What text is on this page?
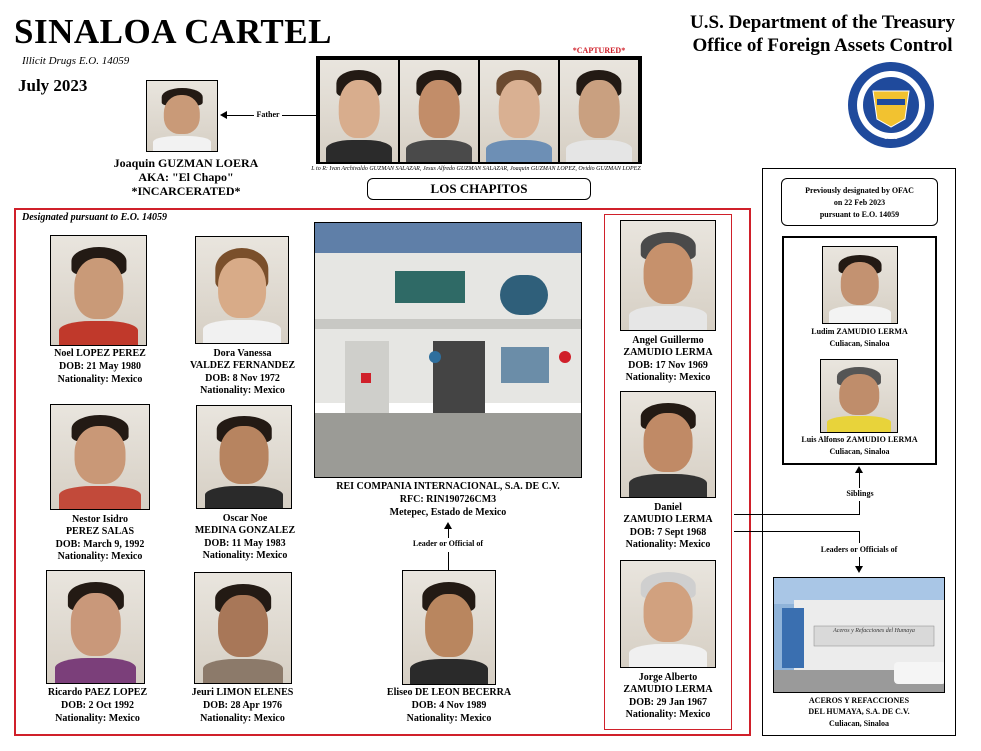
SINALOA CARTEL
Illicit Drugs E.O. 14059
July 2023
U.S. Department of the Treasury
Office of Foreign Assets Control
1789
HE DEPARTMENT OF THE TREASUR
Joaquin GUZMAN LOERA
AKA: "El Chapo"
*INCARCERATED*
Father
*CAPTURED*
L to R: Ivan Archivaldo GUZMAN SALAZAR, Jesus Alfredo GUZMAN SALAZAR, Joaquin GUZMAN LOPEZ, Ovidio GUZMAN LOPEZ
LOS CHAPITOS
Designated pursuant to E.O. 14059
Noel LOPEZ PEREZ
DOB: 21 May 1980
Nationality: Mexico
Dora Vanessa
VALDEZ FERNANDEZ
DOB: 8 Nov 1972
Nationality: Mexico
Nestor Isidro
PEREZ SALAS
DOB: March 9, 1992
Nationality: Mexico
Oscar Noe
MEDINA GONZALEZ
DOB: 11 May 1983
Nationality: Mexico
Ricardo PAEZ LOPEZ
DOB: 2 Oct 1992
Nationality: Mexico
Jeuri LIMON ELENES
DOB: 28 Apr 1976
Nationality: Mexico
REI COMPANIA INTERNACIONAL, S.A. DE C.V.
RFC: RIN190726CM3
Metepec, Estado de Mexico
Leader or Official of
Eliseo DE LEON BECERRA
DOB: 4 Nov 1989
Nationality: Mexico
Angel Guillermo
ZAMUDIO LERMA
DOB: 17 Nov 1969
Nationality: Mexico
Daniel
ZAMUDIO LERMA
DOB: 7 Sept 1968
Nationality: Mexico
Jorge Alberto
ZAMUDIO LERMA
DOB: 29 Jan 1967
Nationality: Mexico
Previously designated by OFAC
on 22 Feb 2023
pursuant to E.O. 14059
Ludim ZAMUDIO LERMA
Culiacan, Sinaloa
Luis Alfonso ZAMUDIO LERMA
Culiacan, Sinaloa
Siblings
Leaders or Officials of
Aceros y Refacciones del Humaya
ACEROS Y REFACCIONES
DEL HUMAYA, S.A. DE C.V.
Culiacan, Sinaloa
